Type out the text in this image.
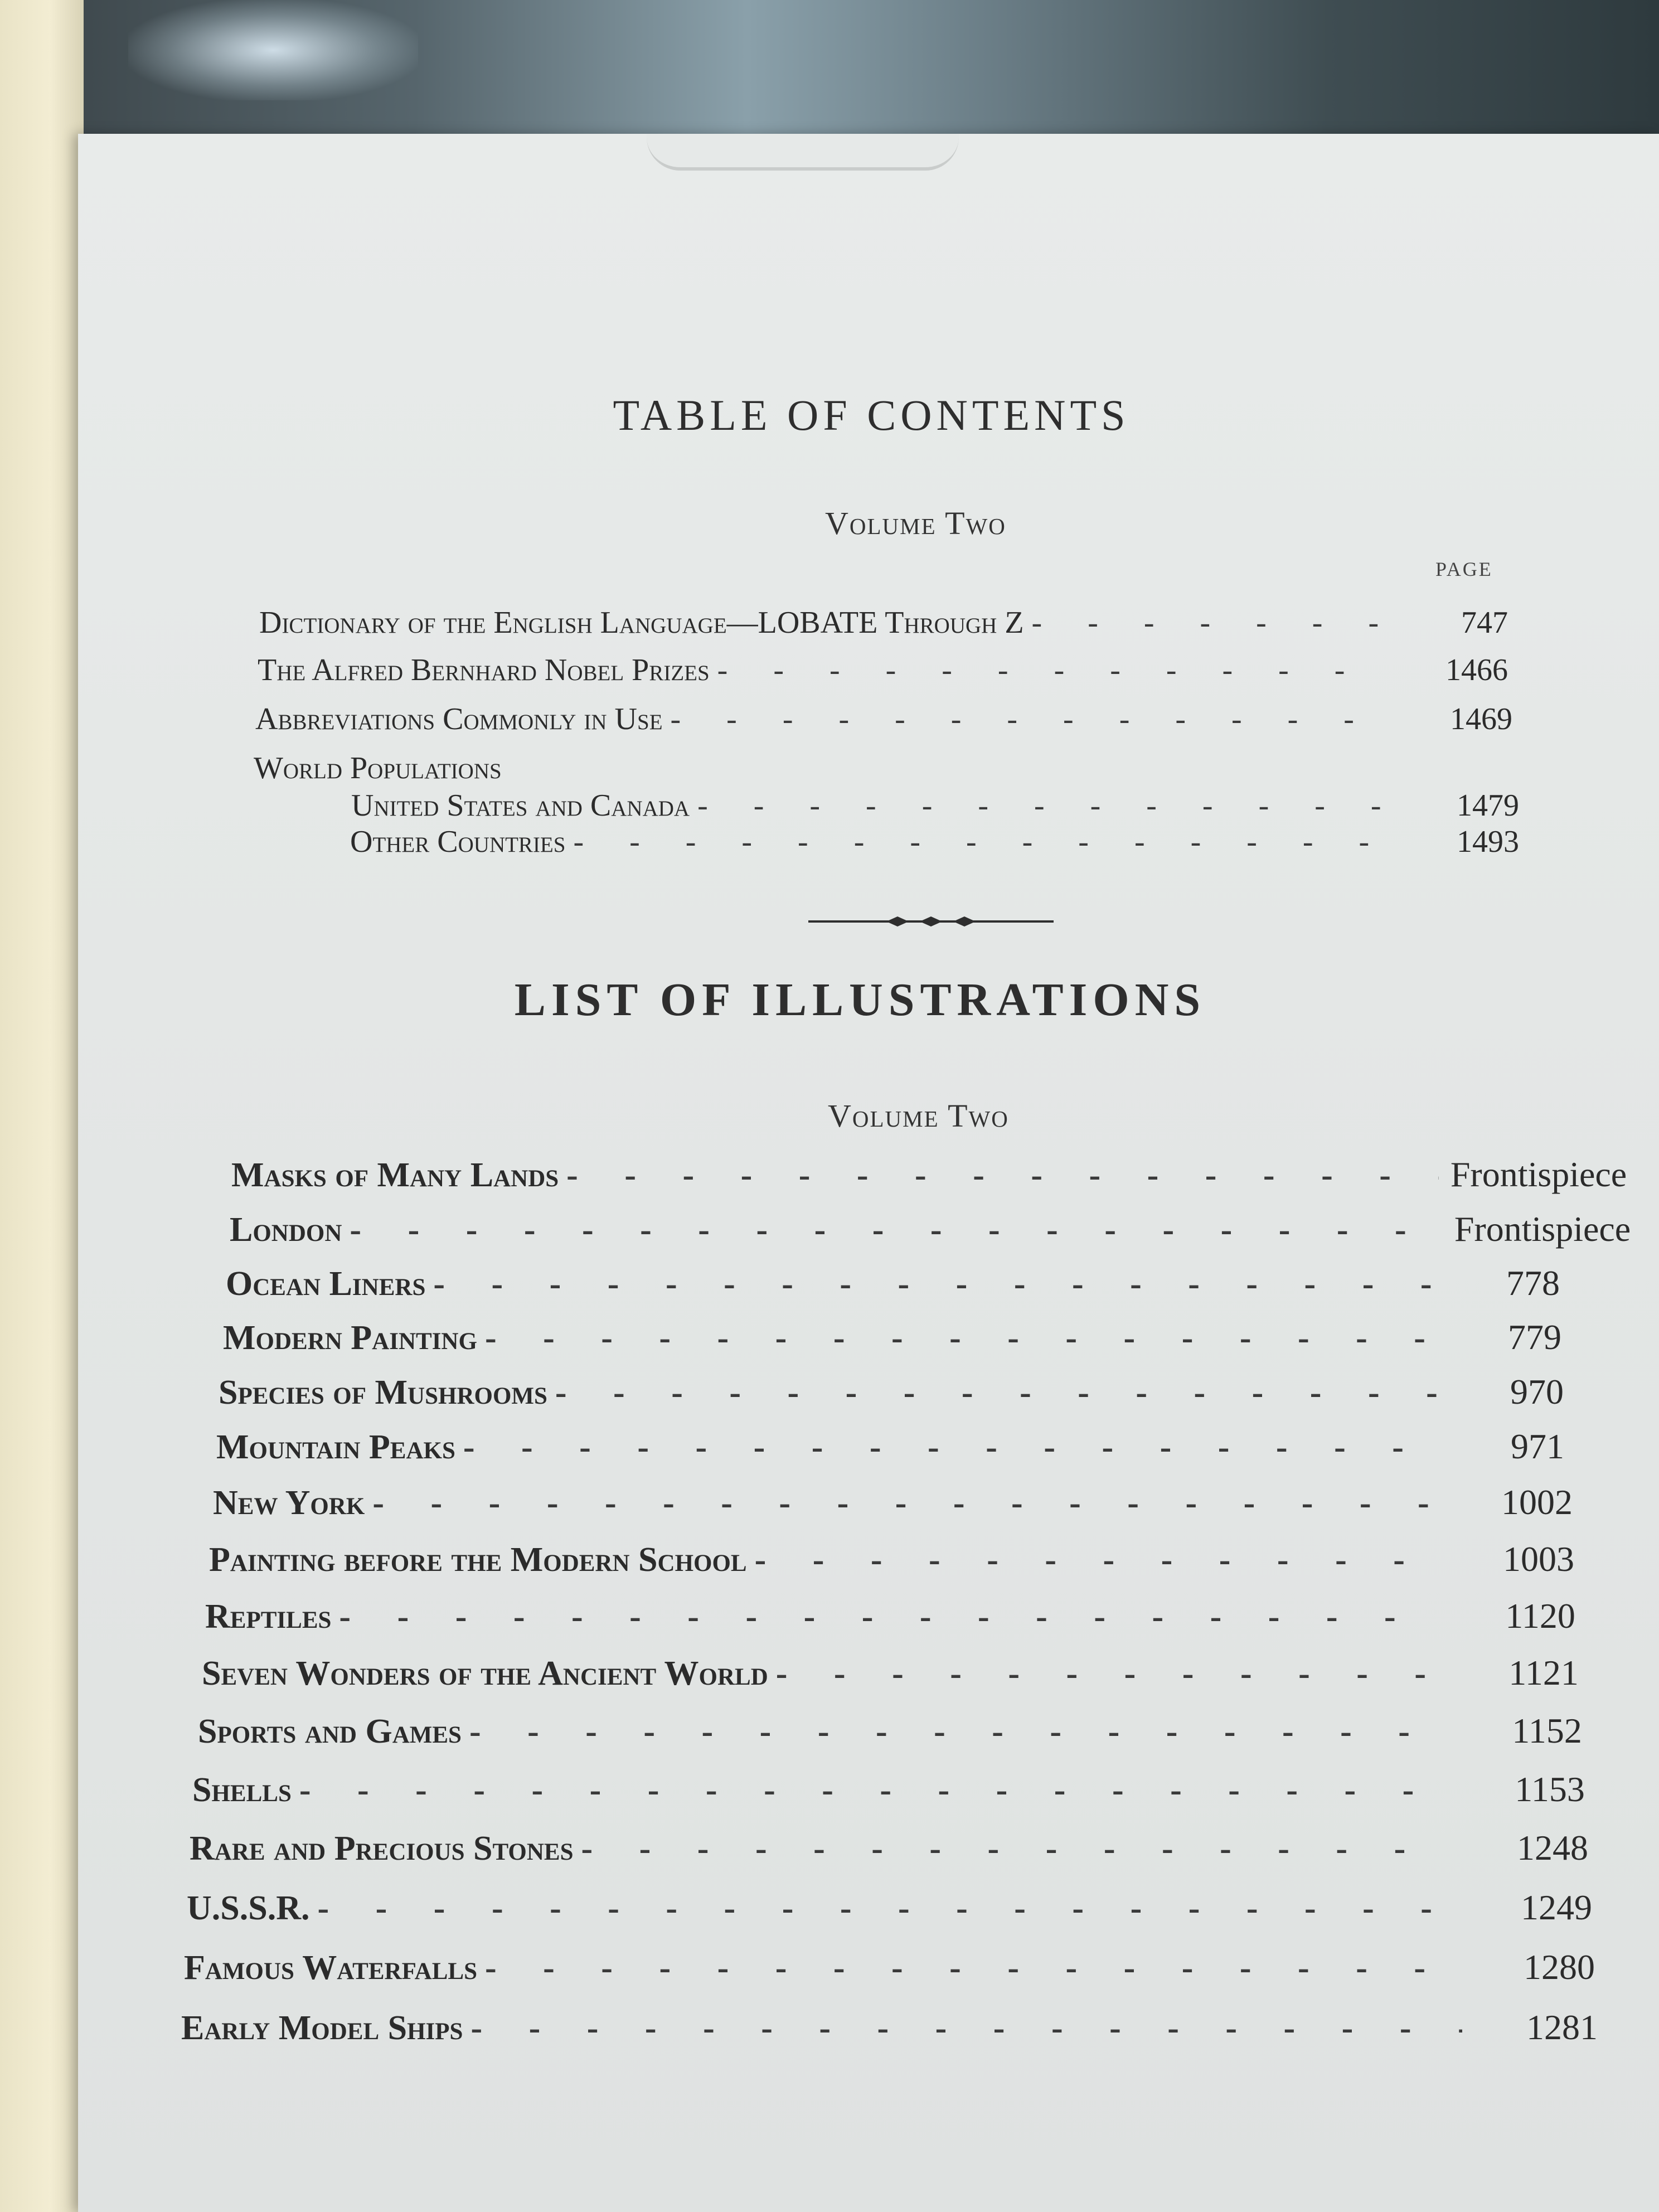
TABLE OF CONTENTS
Volume Two
PAGE
Dictionary of the English Language—LOBATE Through Z - - -	747
The Alfred Bernhard Nobel Prizes - - -	1466
Abbreviations Commonly in Use - - -	1469
World Populations
United States and Canada - - -	1479
Other Countries - - -	1493
LIST OF ILLUSTRATIONS
Volume Two
Masks of Many Lands - - -	Frontispiece
London - - -	Frontispiece
Ocean Liners - - -	778
Modern Painting - - -	779
Species of Mushrooms - - -	970
Mountain Peaks - - -	971
New York - - -	1002
Painting before the Modern School - - -	1003
Reptiles - - -	1120
Seven Wonders of the Ancient World - - -	1121
Sports and Games - - -	1152
Shells - - -	1153
Rare and Precious Stones - - -	1248
U.S.S.R. - - -	1249
Famous Waterfalls - - -	1280
Early Model Ships - - -	1281
